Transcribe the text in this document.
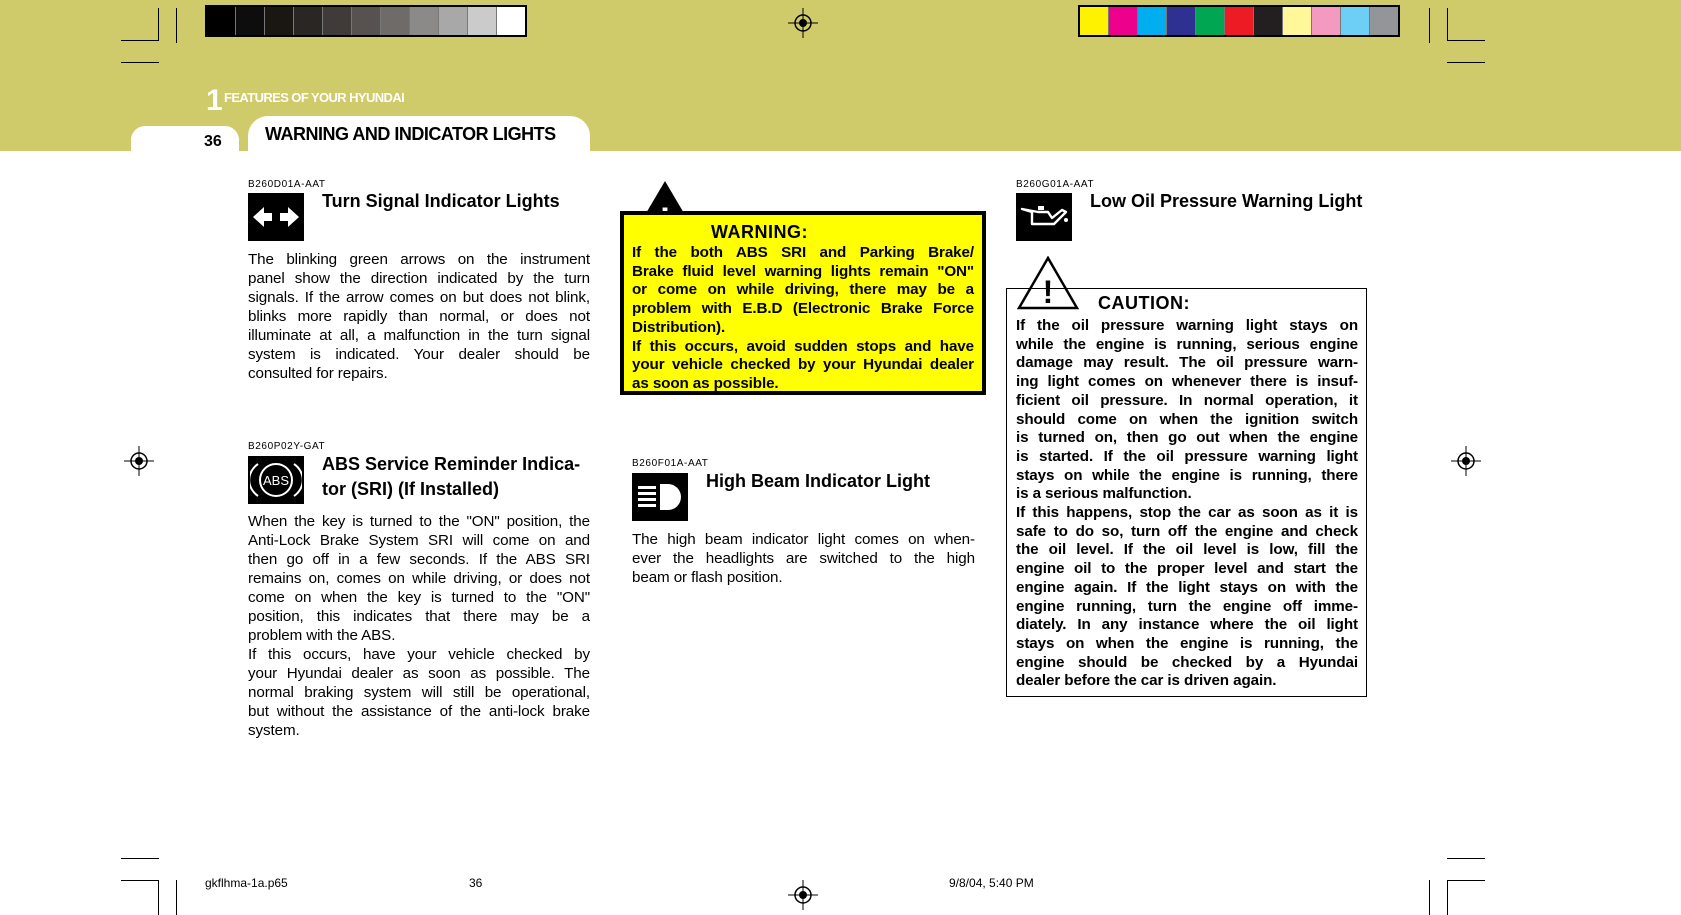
1 FEATURES OF YOUR HYUNDAI
36 WARNING AND INDICATOR LIGHTS
B260D01A-AAT
Turn Signal Indicator Lights
The blinking green arrows on the instrument
panel show the direction indicated by the turn
signals. If the arrow comes on but does not blink,
blinks more rapidly than normal, or does not
illuminate at all, a malfunction in the turn signal
system is indicated. Your dealer should be
consulted for repairs.
B260P02Y-GAT
ABS
ABS Service Reminder Indica-
tor (SRI) (If Installed)
When the key is turned to the "ON" position, the
Anti-Lock Brake System SRI will come on and
then go off in a few seconds. If the ABS SRI
remains on, comes on while driving, or does not
come on when the key is turned to the "ON"
position, this indicates that there may be a
problem with the ABS.
If this occurs, have your vehicle checked by
your Hyundai dealer as soon as possible. The
normal braking system will still be operational,
but without the assistance of the anti-lock brake
system.
WARNING:
If the both ABS SRI and Parking Brake/
Brake fluid level warning lights remain "ON"
or come on while driving, there may be a
problem with E.B.D (Electronic Brake Force
Distribution).
If this occurs, avoid sudden stops and have
your vehicle checked by your Hyundai dealer
as soon as possible.
B260F01A-AAT
High Beam Indicator Light
The high beam indicator light comes on when-
ever the headlights are switched to the high
beam or flash position.
B260G01A-AAT
Low Oil Pressure Warning Light
! CAUTION:
If the oil pressure warning light stays on
while the engine is running, serious engine
damage may result. The oil pressure warn-
ing light comes on whenever there is insuf-
ficient oil pressure. In normal operation, it
should come on when the ignition switch
is turned on, then go out when the engine
is started. If the oil pressure warning light
stays on while the engine is running, there
is a serious malfunction.
If this happens, stop the car as soon as it is
safe to do so, turn off the engine and check
the oil level. If the oil level is low, fill the
engine oil to the proper level and start the
engine again. If the light stays on with the
engine running, turn the engine off imme-
diately. In any instance where the oil light
stays on when the engine is running, the
engine should be checked by a Hyundai
dealer before the car is driven again.
gkflhma-1a.p65	36	9/8/04, 5:40 PM
